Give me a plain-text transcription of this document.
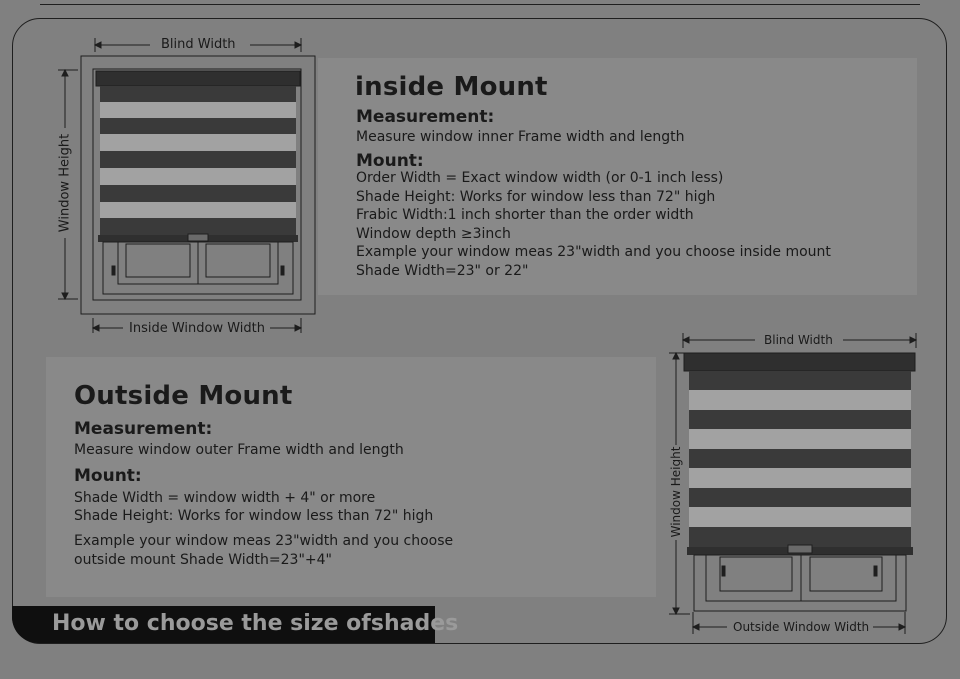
inside Mount
Measurement:
Measure window inner Frame width and length
Mount:
Order Width = Exact window width (or 0-1 inch less)
Shade Height: Works for window less than 72" high
Frabic Width:1 inch shorter than the order width
Window depth ≥3inch
Example your window meas 23"width and you choose inside mount
Shade Width=23" or 22"
Outside Mount
Measurement:
Measure window outer Frame width and length
Mount:
Shade Width = window width + 4" or more
Shade Height: Works for window less than 72" high
Example your window meas 23"width and you choose
outside mount Shade Width=23"+4"
Blind Width
Window Height
Inside Window Width
Blind Width
Window Height
Outside Window Width
How to choose the size ofshades
